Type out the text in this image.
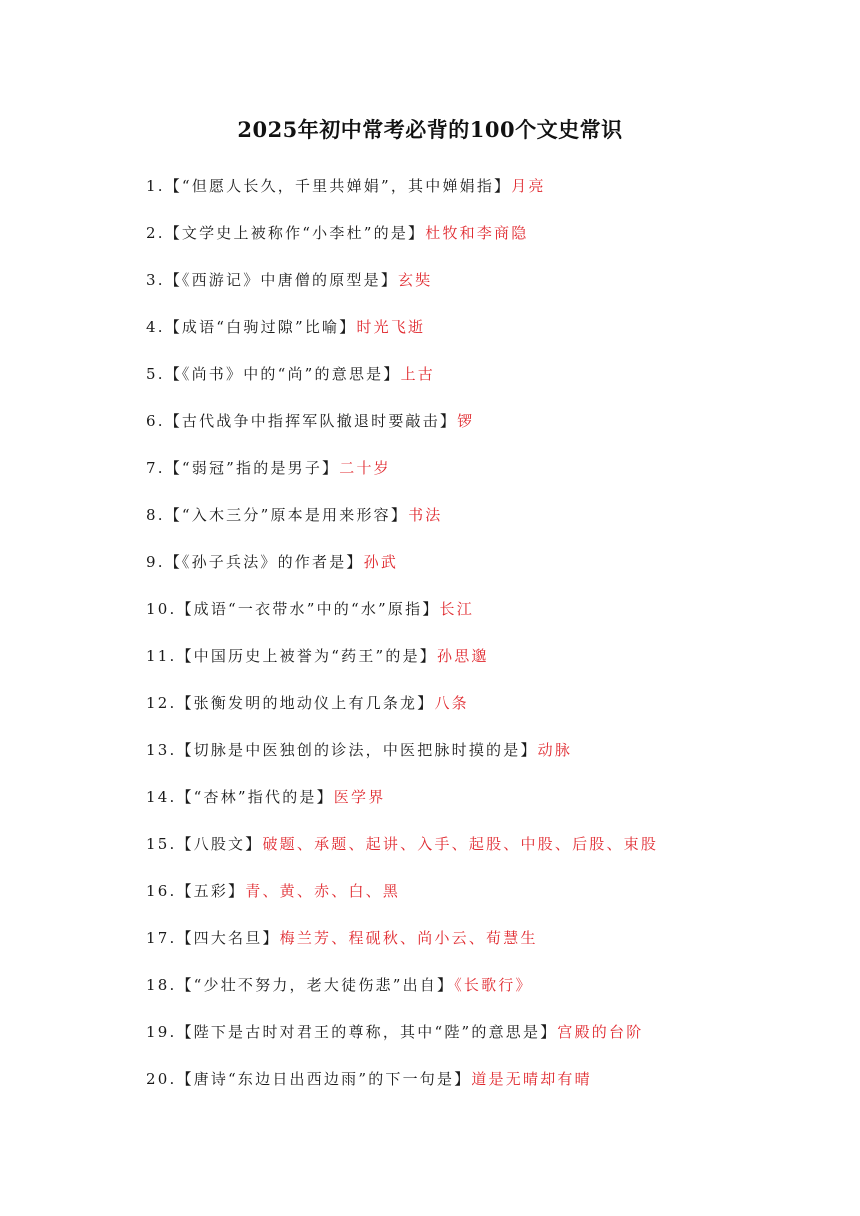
2025年初中常考必背的100个文史常识
1.【“但愿人长久，千里共婵娟”，其中婵娟指】月亮
2.【文学史上被称作“小李杜”的是】杜牧和李商隐
3.【《西游记》中唐僧的原型是】玄奘
4.【成语“白驹过隙”比喻】时光飞逝
5.【《尚书》中的“尚”的意思是】上古
6.【古代战争中指挥军队撤退时要敲击】锣
7.【“弱冠”指的是男子】二十岁
8.【“入木三分”原本是用来形容】书法
9.【《孙子兵法》的作者是】孙武
10.【成语“一衣带水”中的“水”原指】长江
11.【中国历史上被誉为“药王”的是】孙思邈
12.【张衡发明的地动仪上有几条龙】八条
13.【切脉是中医独创的诊法，中医把脉时摸的是】动脉
14.【“杏林”指代的是】医学界
15.【八股文】破题、承题、起讲、入手、起股、中股、后股、束股
16.【五彩】青、黄、赤、白、黑
17.【四大名旦】梅兰芳、程砚秋、尚小云、荀慧生
18.【“少壮不努力，老大徒伤悲”出自】《长歌行》
19.【陛下是古时对君王的尊称，其中“陛”的意思是】宫殿的台阶
20.【唐诗“东边日出西边雨”的下一句是】道是无晴却有晴
